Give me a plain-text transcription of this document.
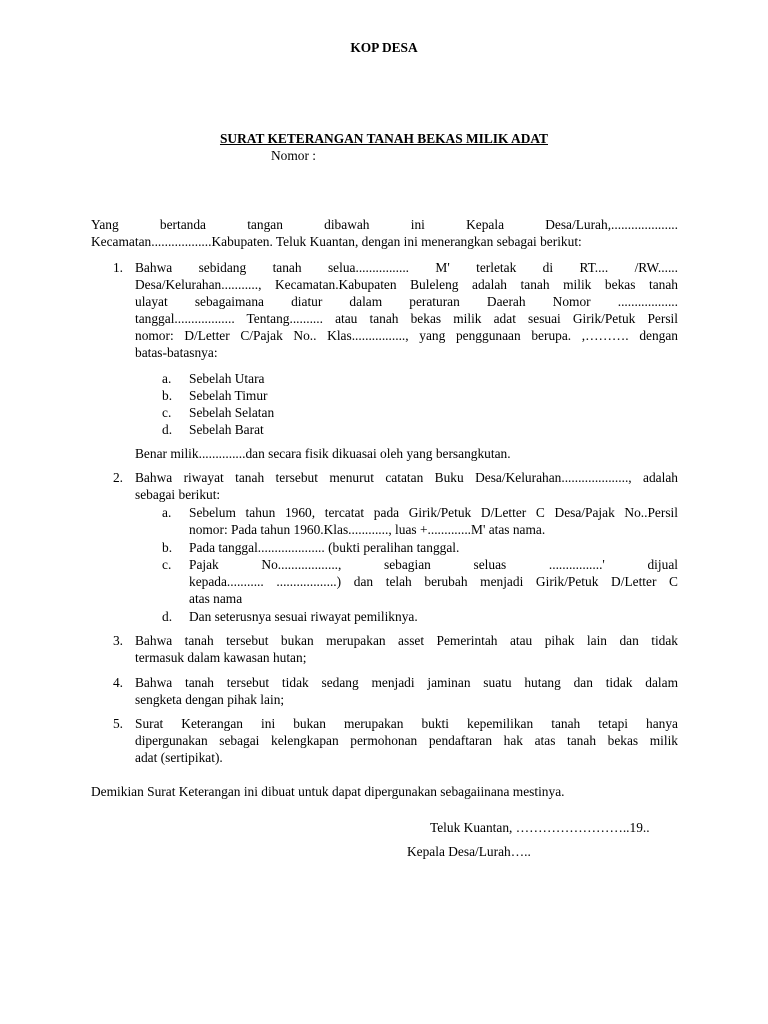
KOP DESA
SURAT KETERANGAN TANAH BEKAS MILIK ADAT
Nomor :
Yang bertanda tangan dibawah ini Kepala Desa/Lurah,....................
Kecamatan..................Kabupaten. Teluk Kuantan, dengan ini menerangkan sebagai berikut:
1. Bahwa sebidang tanah selua................ M' terletak di RT.... /RW......
Desa/Kelurahan..........., Kecamatan.Kabupaten Buleleng adalah tanah milik bekas tanah
ulayat sebagaimana diatur dalam peraturan Daerah Nomor ..................
tanggal.................. Tentang.......... atau tanah bekas milik adat sesuai Girik/Petuk Persil
nomor: D/Letter C/Pajak No.. Klas................, yang penggunaan berupa. ,………. dengan
batas-batasnya:
a.	Sebelah Utara
b.	Sebelah Timur
c.	Sebelah Selatan
d.	Sebelah Barat
Benar milik..............dan secara fisik dikuasai oleh yang bersangkutan.
2. Bahwa riwayat tanah tersebut menurut catatan Buku Desa/Kelurahan...................., adalah
sebagai berikut:
a.	Sebelum tahun 1960, tercatat pada Girik/Petuk D/Letter C Desa/Pajak No..Persil
nomor: Pada tahun 1960.Klas............, luas +.............M' atas nama.
b.	Pada tanggal.................... (bukti peralihan tanggal.
c.	Pajak No.................., sebagian seluas ................' dijual
kepada........... ..................) dan telah berubah menjadi Girik/Petuk D/Letter C
atas nama
d.	Dan seterusnya sesuai riwayat pemiliknya.
3. Bahwa tanah tersebut bukan merupakan asset Pemerintah atau pihak lain dan tidak
termasuk dalam kawasan hutan;
4. Bahwa tanah tersebut tidak sedang menjadi jaminan suatu hutang dan tidak dalam
sengketa dengan pihak lain;
5. Surat Keterangan ini bukan merupakan bukti kepemilikan tanah tetapi hanya
dipergunakan sebagai kelengkapan permohonan pendaftaran hak atas tanah bekas milik
adat (sertipikat).
Demikian Surat Keterangan ini dibuat untuk dapat dipergunakan sebagaiinana mestinya.
Teluk Kuantan, ……………………..19..
Kepala Desa/Lurah…..
